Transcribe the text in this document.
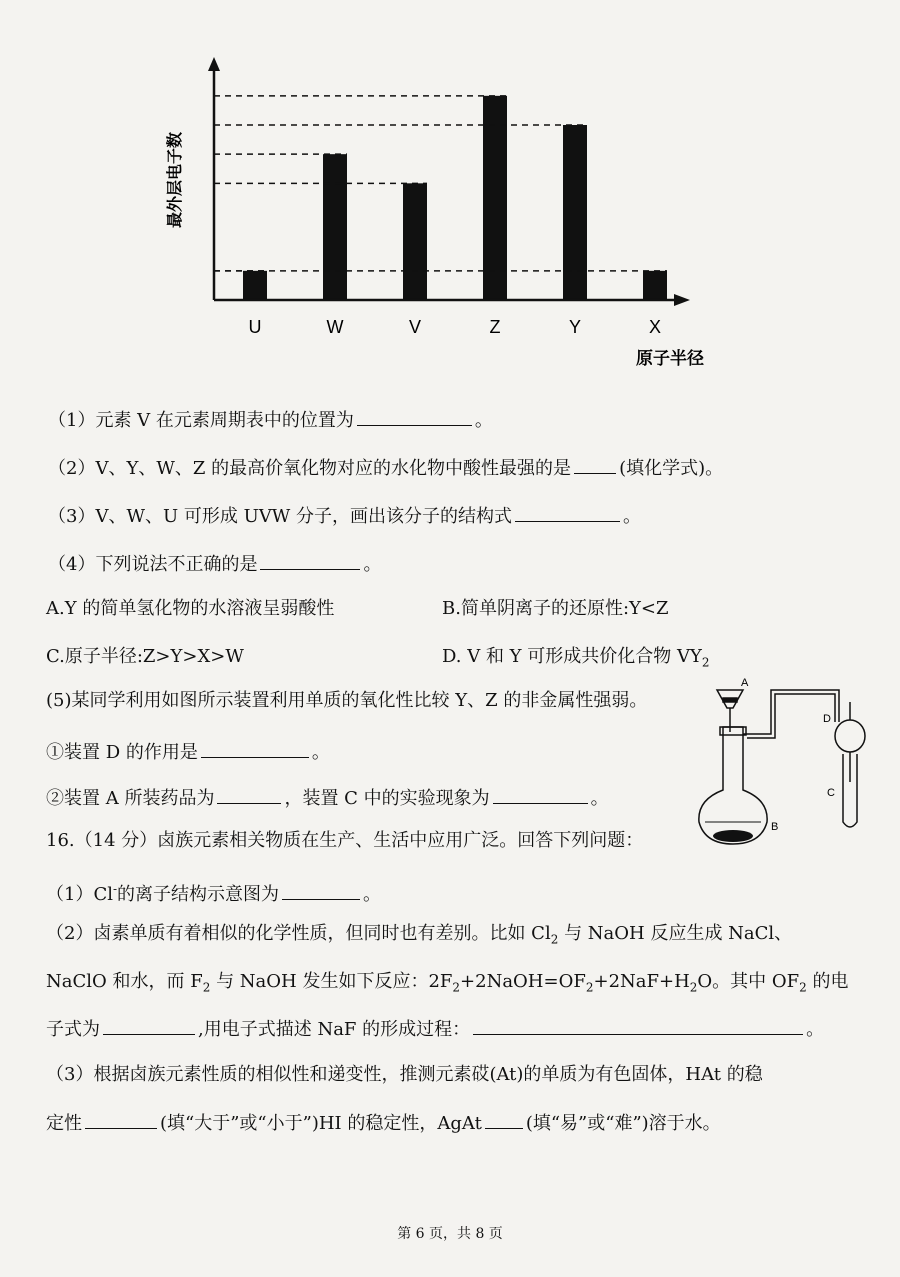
最外层电子数
U	W	V	Z	Y	X
原子半径
（1）元素 V 在元素周期表中的位置为	。
（2）V、Y、W、Z 的最高价氧化物对应的水化物中酸性最强的是	(填化学式)。
（3）V、W、U 可形成 UVW 分子，画出该分子的结构式	。
（4）下列说法不正确的是	。
A.Y 的简单氢化物的水溶液呈弱酸性	B.简单阴离子的还原性:Y<Z
C.原子半径:Z>Y>X>W	D. V 和 Y 可形成共价化合物 $VY_2$
(5)某同学利用如图所示装置利用单质的氧化性比较 Y、Z 的非金属性强弱。
①装置 D 的作用是	。
②装置 A 所装药品为	，装置 C 中的实验现象为	。
A
B
D
C
16.（14 分）卤族元素相关物质在生产、生活中应用广泛。回答下列问题：
（1）Cl-的离子结构示意图为	。
（2）卤素单质有着相似的化学性质，但同时也有差别。比如 $Cl_2$ 与 NaOH 反应生成 NaCl、
NaClO 和水，而 $F_2$ 与 NaOH 发生如下反应：$2F_2+2NaOH=OF_2+2NaF+H_2O$。其中 $OF_2$ 的电
子式为	,用电子式描述 NaF 的形成过程：	。
（3）根据卤族元素性质的相似性和递变性，推测元素砹(At)的单质为有色固体，HAt 的稳
定性	(填“大于”或“小于”)HI 的稳定性，AgAt (填“易”或“难”)溶于水。
第 6 页，共 8 页
